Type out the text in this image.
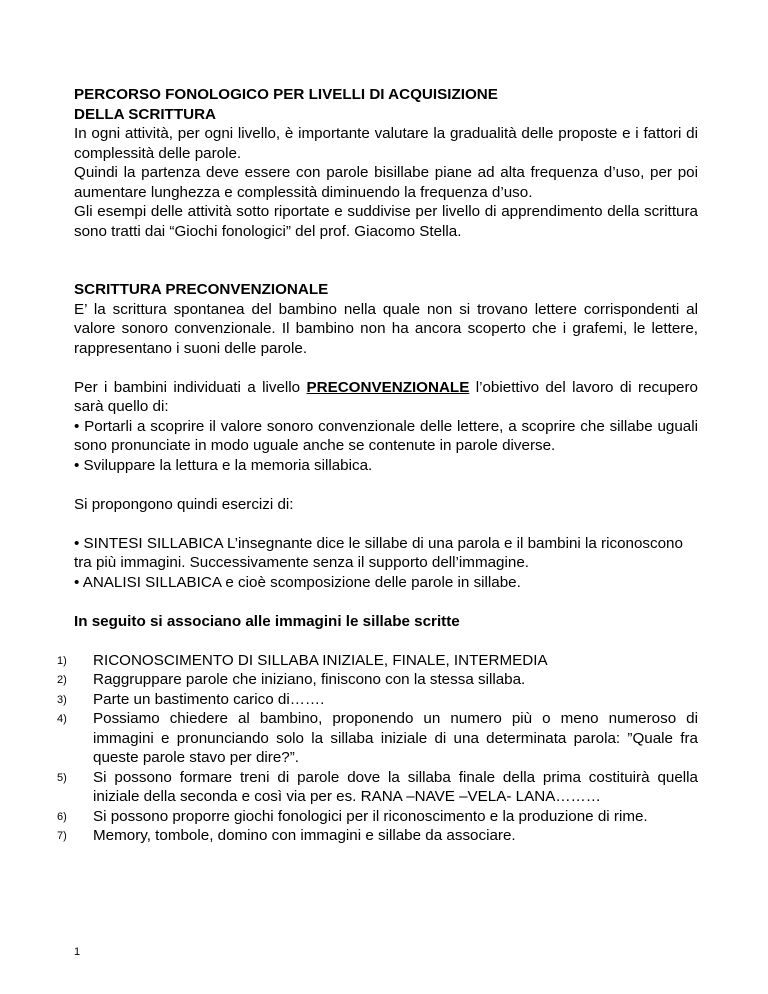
PERCORSO FONOLOGICO PER LIVELLI DI ACQUISIZIONE
DELLA SCRITTURA

In ogni attività, per ogni livello, è importante valutare la gradualità delle proposte e i fattori di complessità delle parole.

Quindi la partenza deve essere con parole bisillabe piane ad alta frequenza d’uso, per poi aumentare lunghezza e complessità diminuendo la frequenza d’uso.

Gli esempi delle attività sotto riportate e suddivise per livello di apprendimento della scrittura sono tratti dai “Giochi fonologici” del prof. Giacomo Stella.

SCRITTURA PRECONVENZIONALE

E’ la scrittura spontanea del bambino nella quale non si trovano lettere corrispondenti al valore sonoro convenzionale. Il bambino non ha ancora scoperto che i grafemi, le lettere, rappresentano i suoni delle parole.

Per i bambini individuati a livello PRECONVENZIONALE l’obiettivo del lavoro di recupero sarà quello di:

• Portarli a scoprire il valore sonoro convenzionale delle lettere, a scoprire che sillabe uguali sono pronunciate in modo uguale anche se contenute in parole diverse.

• Sviluppare la lettura e la memoria sillabica.

Si propongono quindi esercizi di:

• SINTESI SILLABICA L’insegnante dice le sillabe di una parola e il bambini la riconoscono tra più immagini. Successivamente senza il supporto dell’immagine.

• ANALISI SILLABICA e cioè scomposizione delle parole in sillabe.

In seguito si associano alle immagini le sillabe scritte
1)	RICONOSCIMENTO DI SILLABA INIZIALE, FINALE, INTERMEDIA
2)	Raggruppare parole che iniziano, finiscono con la stessa sillaba.
3)	Parte un bastimento carico di…….
4)	Possiamo chiedere al bambino, proponendo un numero più o meno numeroso di immagini e pronunciando solo la sillaba iniziale di una determinata parola: ”Quale fra queste parole stavo per dire?”.
5)	Si possono formare treni di parole dove la sillaba finale della prima costituirà quella iniziale della seconda e così via per es. RANA –NAVE –VELA- LANA………
6)	Si possono proporre giochi fonologici per il riconoscimento e la produzione di rime.
7)	Memory, tombole, domino con immagini e sillabe da associare.
1
